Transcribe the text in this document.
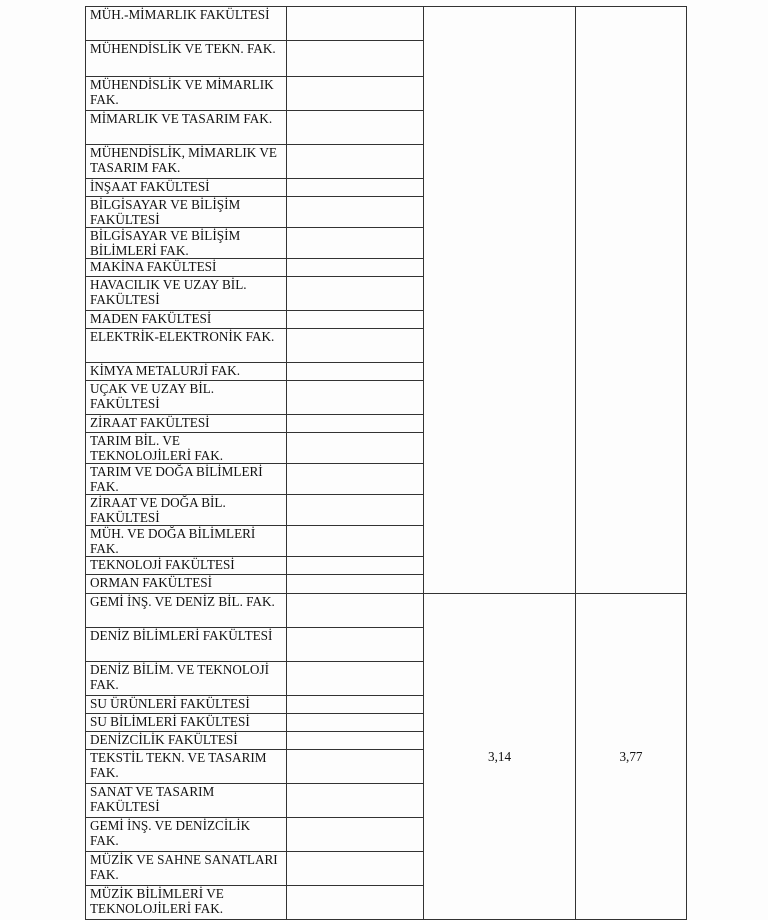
MÜH.-MİMARLIK FAKÜLTESİ			
MÜHENDİSLİK VE TEKN. FAK.			
MÜHENDİSLİK VE MİMARLIK FAK.			
MİMARLIK VE TASARIM FAK.			
MÜHENDİSLİK, MİMARLIK VE TASARIM FAK.			
İNŞAAT FAKÜLTESİ			
BİLGİSAYAR VE BİLİŞİM FAKÜLTESİ			
BİLGİSAYAR VE BİLİŞİM BİLİMLERİ FAK.			
MAKİNA FAKÜLTESİ			
HAVACILIK VE UZAY BİL. FAKÜLTESİ			
MADEN FAKÜLTESİ			
ELEKTRİK-ELEKTRONİK FAK.			
KİMYA METALURJİ FAK.			
UÇAK VE UZAY BİL. FAKÜLTESİ			
ZİRAAT FAKÜLTESİ			
TARIM BİL. VE TEKNOLOJİLERİ FAK.			
TARIM VE DOĞA BİLİMLERİ FAK.			
ZİRAAT VE DOĞA BİL. FAKÜLTESİ			
MÜH. VE DOĞA BİLİMLERİ FAK.			
TEKNOLOJİ FAKÜLTESİ			
ORMAN FAKÜLTESİ			
GEMİ İNŞ. VE DENİZ BİL. FAK.		3,14	3,77
DENİZ BİLİMLERİ FAKÜLTESİ			
DENİZ BİLİM. VE TEKNOLOJİ FAK.			
SU ÜRÜNLERİ FAKÜLTESİ			
SU BİLİMLERİ FAKÜLTESİ			
DENİZCİLİK FAKÜLTESİ			
TEKSTİL TEKN. VE TASARIM FAK.			
SANAT VE TASARIM FAKÜLTESİ			
GEMİ İNŞ. VE DENİZCİLİK FAK.			
MÜZİK VE SAHNE SANATLARI FAK.			
MÜZİK BİLİMLERİ VE TEKNOLOJİLERİ FAK.			
